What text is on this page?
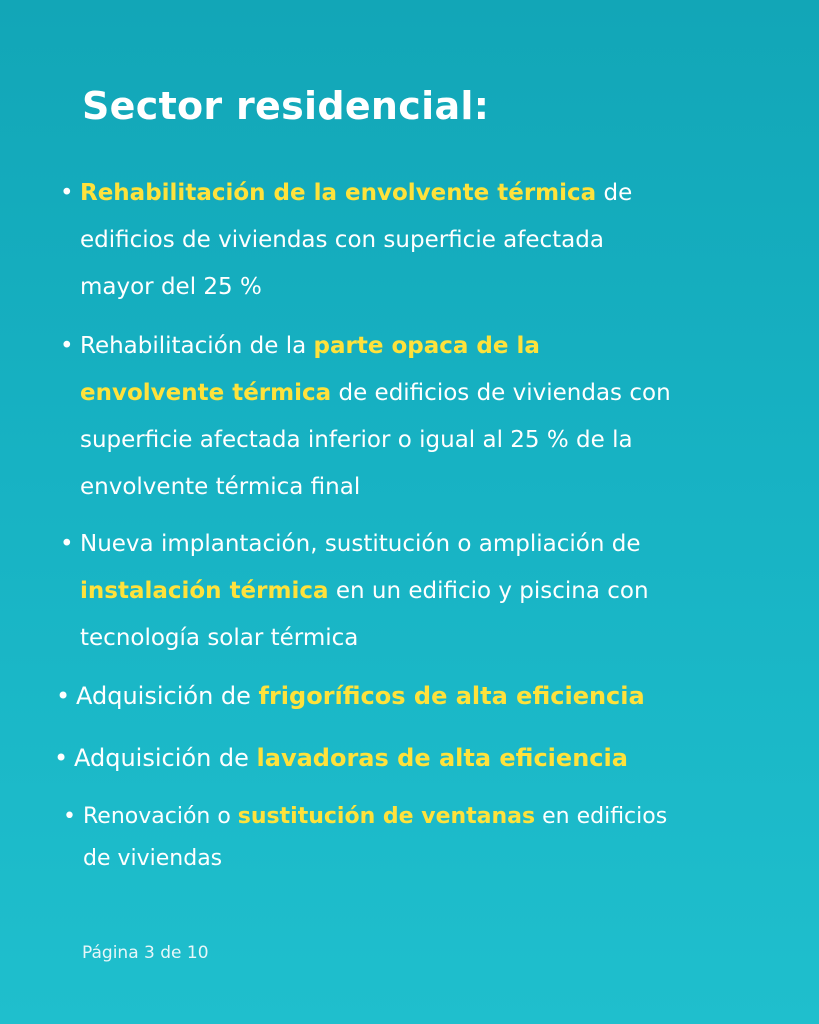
Sector residencial:
• Rehabilitación de la envolvente térmica de

edificios de viviendas con superficie afectada

mayor del 25 %

• Rehabilitación de la parte opaca de la

envolvente térmica de edificios de viviendas con

superficie afectada inferior o igual al 25 % de la

envolvente térmica final

• Nueva implantación, sustitución o ampliación de

instalación térmica en un edificio y piscina con

tecnología solar térmica

• Adquisición de frigoríficos de alta eficiencia

• Adquisición de lavadoras de alta eficiencia

• Renovación o sustitución de ventanas en edificios

de viviendas

Página 3 de 10
